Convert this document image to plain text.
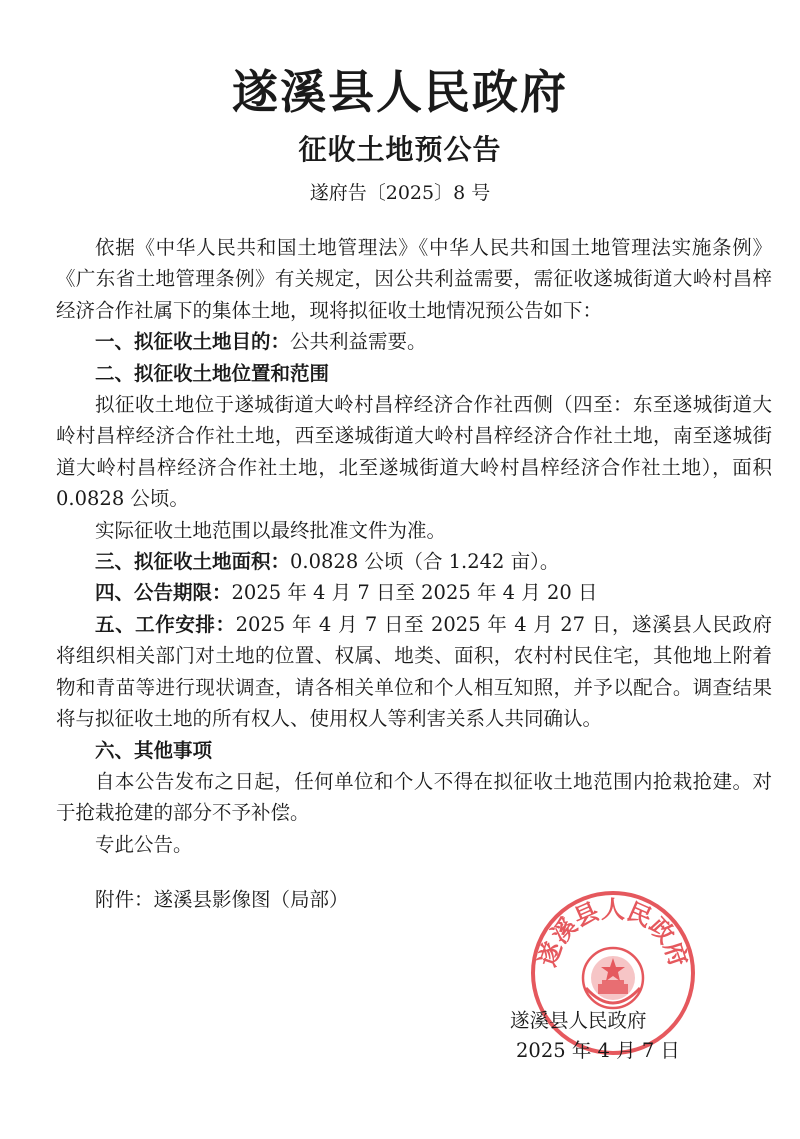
遂溪县人民政府
征收土地预公告
遂府告〔2025〕8 号

依据《中华人民共和国土地管理法》《中华人民共和国土地管理法实施条例》《广东省土地管理条例》有关规定，因公共利益需要，需征收遂城街道大岭村昌梓经济合作社属下的集体土地，现将拟征收土地情况预公告如下：

一、拟征收土地目的：公共利益需要。

二、拟征收土地位置和范围

拟征收土地位于遂城街道大岭村昌梓经济合作社西侧（四至：东至遂城街道大岭村昌梓经济合作社土地，西至遂城街道大岭村昌梓经济合作社土地，南至遂城街道大岭村昌梓经济合作社土地，北至遂城街道大岭村昌梓经济合作社土地），面积 0.0828 公顷。

实际征收土地范围以最终批准文件为准。

三、拟征收土地面积：0.0828 公顷（合 1.242 亩）。

四、公告期限：2025 年 4 月 7 日至 2025 年 4 月 20 日

五、工作安排：2025 年 4 月 7 日至 2025 年 4 月 27 日，遂溪县人民政府将组织相关部门对土地的位置、权属、地类、面积，农村村民住宅，其他地上附着物和青苗等进行现状调查，请各相关单位和个人相互知照，并予以配合。调查结果将与拟征收土地的所有权人、使用权人等利害关系人共同确认。

六、其他事项

自本公告发布之日起，任何单位和个人不得在拟征收土地范围内抢栽抢建。对于抢栽抢建的部分不予补偿。

专此公告。

附件：遂溪县影像图（局部）

遂溪县人民政府
遂溪县人民政府
2025 年 4 月 7 日
